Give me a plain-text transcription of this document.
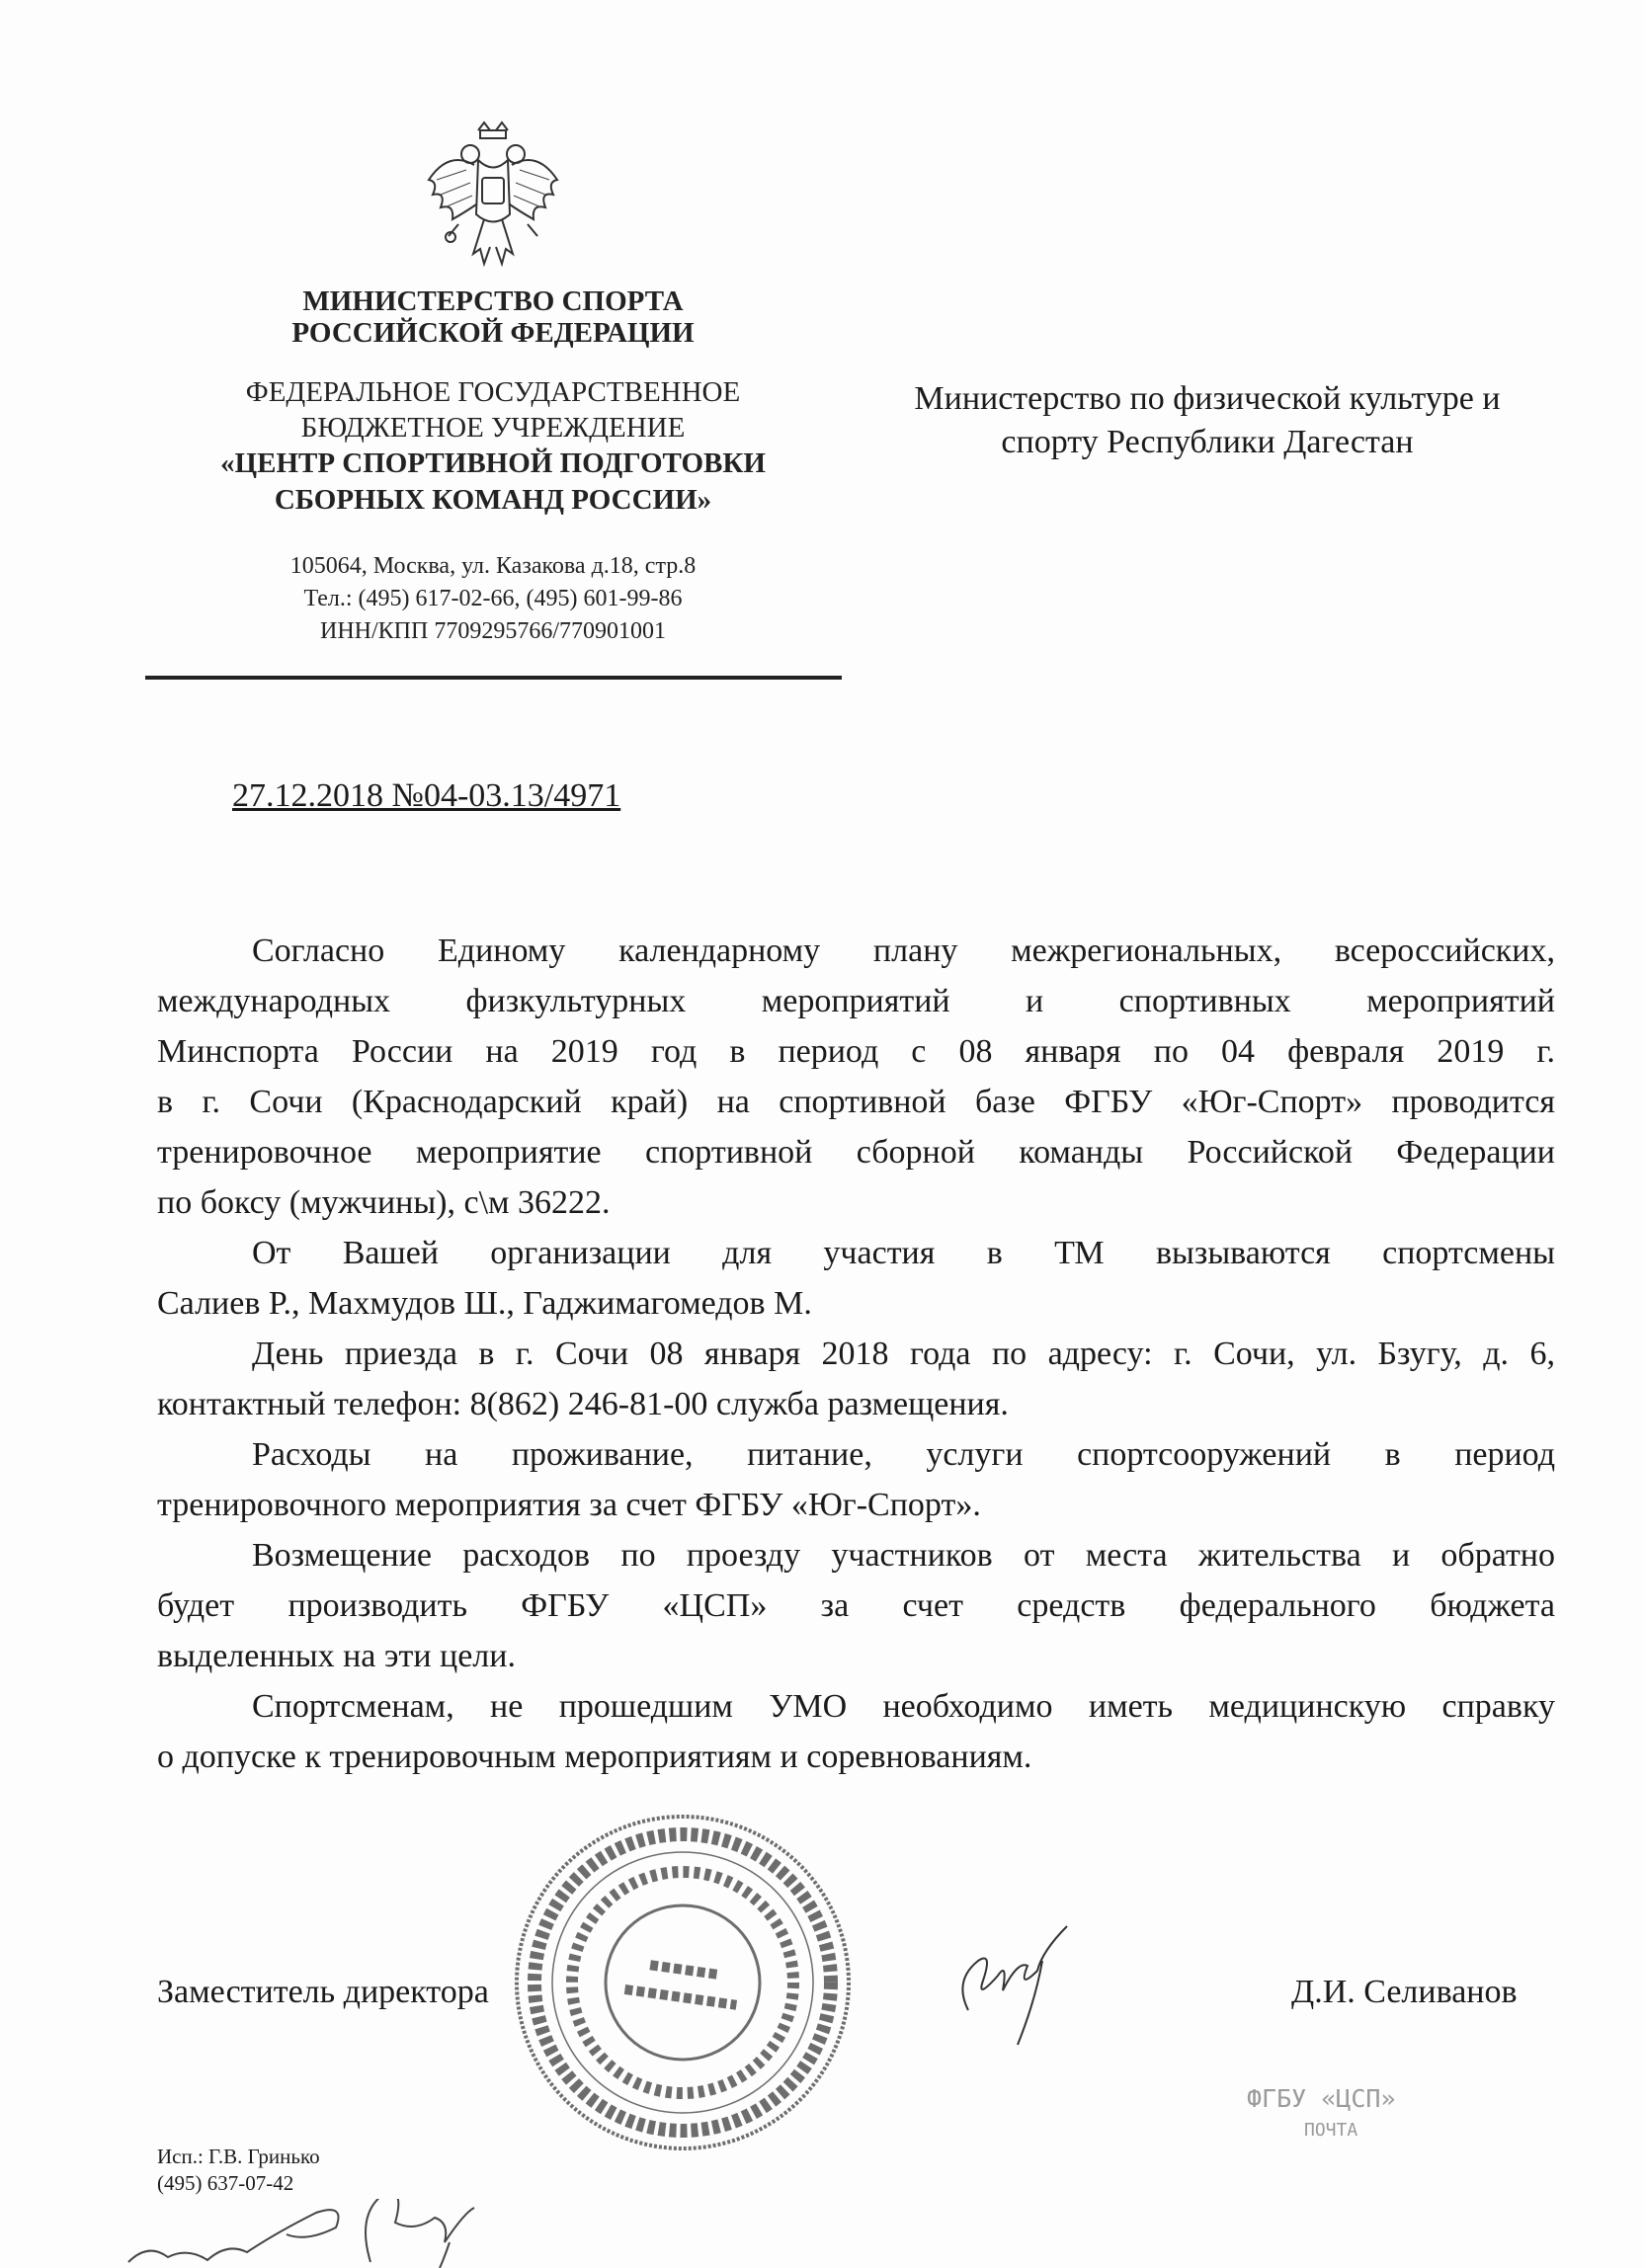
МИНИСТЕРСТВО СПОРТА
РОССИЙСКОЙ ФЕДЕРАЦИИ
ФЕДЕРАЛЬНОЕ ГОСУДАРСТВЕННОЕ
БЮДЖЕТНОЕ УЧРЕЖДЕНИЕ
«ЦЕНТР СПОРТИВНОЙ ПОДГОТОВКИ
СБОРНЫХ КОМАНД РОССИИ»
105064, Москва, ул. Казакова д.18, стр.8
Тел.: (495) 617-02-66, (495) 601-99-86
ИНН/КПП 7709295766/770901001
Министерство по физической культуре и
спорту Республики Дагестан
27.12.2018 №04-03.13/4971
Согласно Единому календарному плану межрегиональных, всероссийских,
международных физкультурных мероприятий и спортивных мероприятий
Минспорта России на 2019 год в период с 08 января по 04 февраля 2019 г.
в г. Сочи (Краснодарский край) на спортивной базе ФГБУ «Юг-Спорт» проводится
тренировочное мероприятие спортивной сборной команды Российской Федерации
по боксу (мужчины), с\м 36222.
От Вашей организации для участия в ТМ вызываются спортсмены
Салиев Р., Махмудов Ш., Гаджимагомедов М.
День приезда в г. Сочи 08 января 2018 года по адресу: г. Сочи, ул. Бзугу, д. 6,
контактный телефон: 8(862) 246-81-00 служба размещения.
Расходы на проживание, питание, услуги спортсооружений в период
тренировочного мероприятия за счет ФГБУ «Юг-Спорт».
Возмещение расходов по проезду участников от места жительства и обратно
будет производить ФГБУ «ЦСП» за счет средств федерального бюджета
выделенных на эти цели.
Спортсменам, не прошедшим УМО необходимо иметь медицинскую справку
о допуске к тренировочным мероприятиям и соревнованиям.
Заместитель директора	Д.И. Селиванов
ФГБУ «ЦСП»
ПОЧТА
Исп.: Г.В. Гринько
(495) 637-07-42
